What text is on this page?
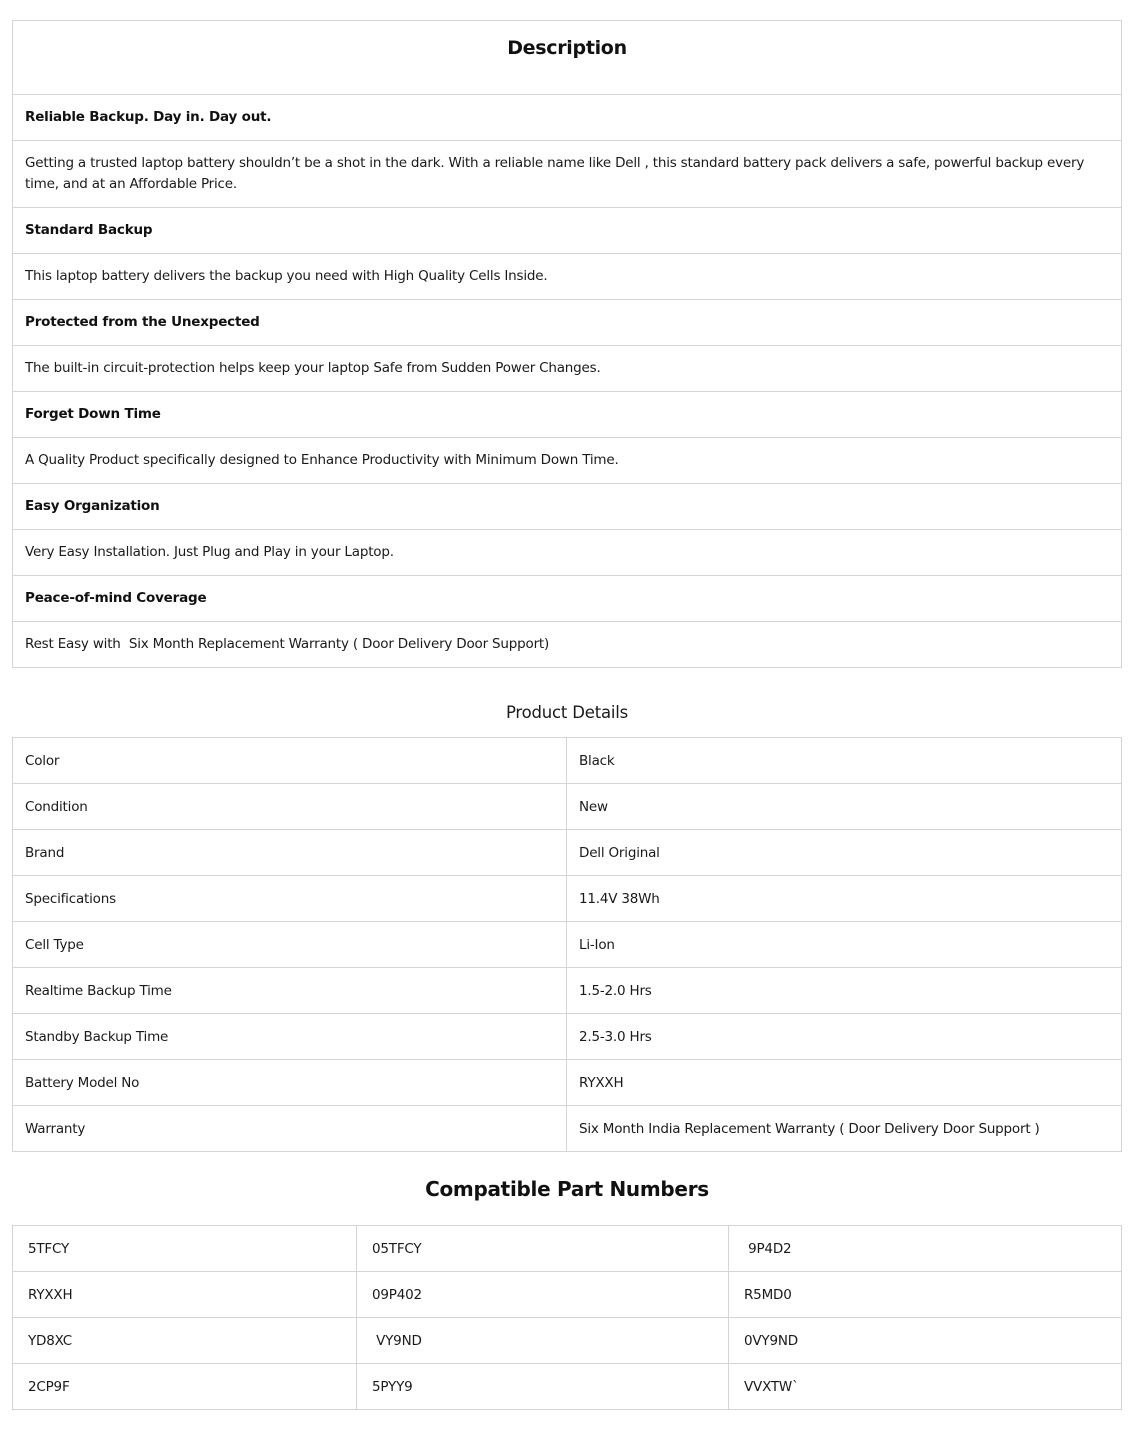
Description
Reliable Backup. Day in. Day out.
Getting a trusted laptop battery shouldn’t be a shot in the dark. With a reliable name like Dell , this standard battery pack delivers a safe, powerful backup every time, and at an Affordable Price.
Standard Backup
This laptop battery delivers the backup you need with High Quality Cells Inside.
Protected from the Unexpected
The built-in circuit-protection helps keep your laptop Safe from Sudden Power Changes.
Forget Down Time
A Quality Product specifically designed to Enhance Productivity with Minimum Down Time.
Easy Organization
Very Easy Installation. Just Plug and Play in your Laptop.
Peace-of-mind Coverage
Rest Easy with  Six Month Replacement Warranty ( Door Delivery Door Support)
Product Details
Color	Black
Condition	New
Brand	Dell Original
Specifications	11.4V 38Wh
Cell Type	Li-Ion
Realtime Backup Time	1.5-2.0 Hrs
Standby Backup Time	2.5-3.0 Hrs
Battery Model No	RYXXH
Warranty	Six Month India Replacement Warranty ( Door Delivery Door Support )
Compatible Part Numbers
5TFCY	05TFCY	9P4D2
RYXXH	09P402	R5MD0
YD8XC	VY9ND	0VY9ND
2CP9F	5PYY9	VVXTW`
